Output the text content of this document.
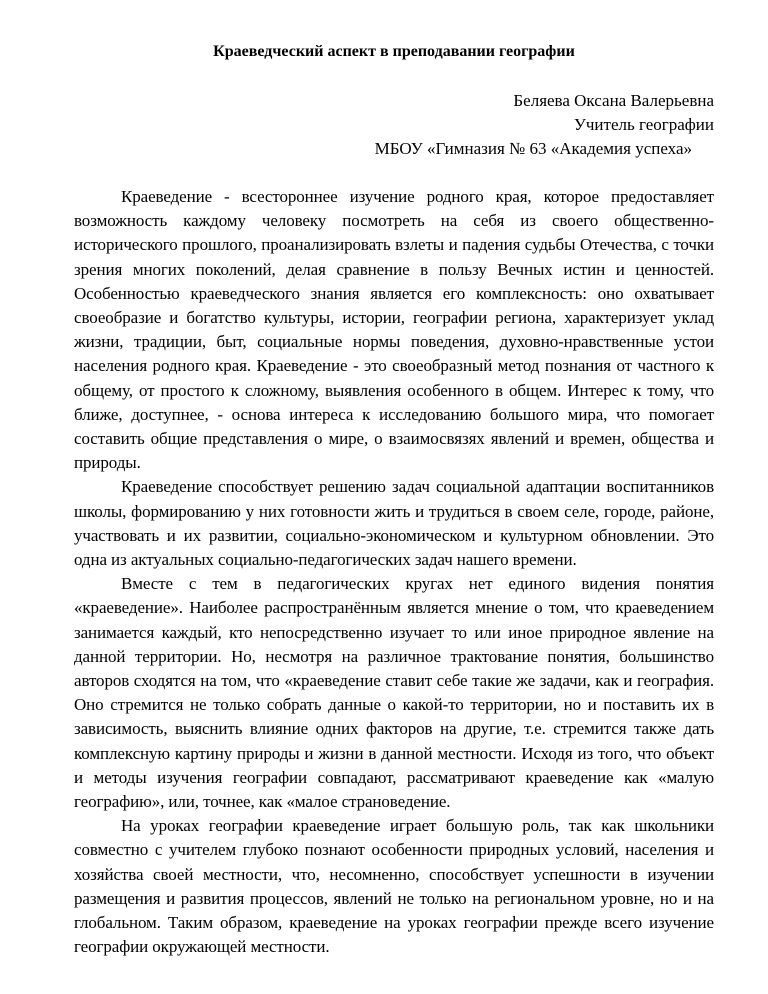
Краеведческий аспект в преподавании географии
Беляева Оксана Валерьевна
Учитель географии
МБОУ «Гимназия № 63 «Академия успеха»

Краеведение - всестороннее изучение родного края, которое предоставляет возможность каждому человеку посмотреть на себя из своего общественно-исторического прошлого, проанализировать взлеты и падения судьбы Отечества, с точки зрения многих поколений, делая сравнение в пользу Вечных истин и ценностей. Особенностью краеведческого знания является его комплексность: оно охватывает своеобразие и богатство культуры, истории, географии региона, характеризует уклад жизни, традиции, быт, социальные нормы поведения, духовно-нравственные устои населения родного края. Краеведение - это своеобразный метод познания от частного к общему, от простого к сложному, выявления особенного в общем. Интерес к тому, что ближе, доступнее, - основа интереса к исследованию большого мира, что помогает составить общие представления о мире, о взаимосвязях явлений и времен, общества и природы.

Краеведение способствует решению задач социальной адаптации воспитанников школы, формированию у них готовности жить и трудиться в своем селе, городе, районе, участвовать и их развитии, социально-экономическом и культурном обновлении. Это одна из актуальных социально-педагогических задач нашего времени.

Вместе с тем в педагогических кругах нет единого видения понятия «краеведение». Наиболее распространённым является мнение о том, что краеведением занимается каждый, кто непосредственно изучает то или иное природное явление на данной территории. Но, несмотря на различное трактование понятия, большинство авторов сходятся на том, что «краеведение ставит себе такие же задачи, как и география. Оно стремится не только собрать данные о какой-то территории, но и поставить их в зависимость, выяснить влияние одних факторов на другие, т.е. стремится также дать комплексную картину природы и жизни в данной местности. Исходя из того, что объект и методы изучения географии совпадают, рассматривают краеведение как «малую географию», или, точнее, как «малое страноведение.

На уроках географии краеведение играет большую роль, так как школьники совместно с учителем глубоко познают особенности природных условий, населения и хозяйства своей местности, что, несомненно, способствует успешности в изучении размещения и развития процессов, явлений не только на региональном уровне, но и на глобальном. Таким образом, краеведение на уроках географии прежде всего изучение географии окружающей местности.
